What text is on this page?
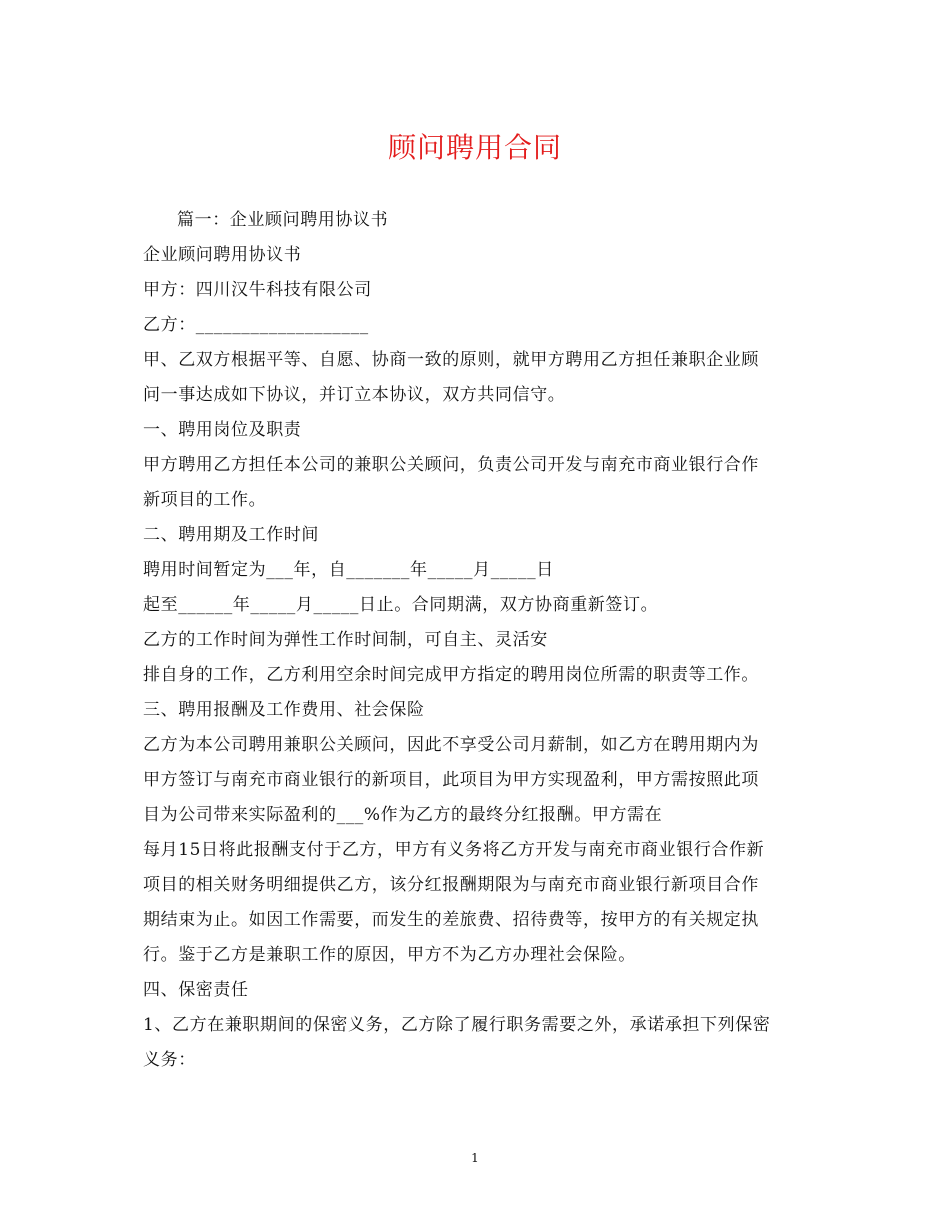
顾问聘用合同
篇一：企业顾问聘用协议书
企业顾问聘用协议书
甲方：四川汉牛科技有限公司
乙方：___________________
甲、乙双方根据平等、自愿、协商一致的原则，就甲方聘用乙方担任兼职企业顾
问一事达成如下协议，并订立本协议，双方共同信守。
一、聘用岗位及职责
甲方聘用乙方担任本公司的兼职公关顾问，负责公司开发与南充市商业银行合作
新项目的工作。
二、聘用期及工作时间
聘用时间暂定为___年，自_______年_____月_____日
起至______年_____月_____日止。合同期满，双方协商重新签订。
乙方的工作时间为弹性工作时间制，可自主、灵活安
排自身的工作，乙方利用空余时间完成甲方指定的聘用岗位所需的职责等工作。
三、聘用报酬及工作费用、社会保险
乙方为本公司聘用兼职公关顾问，因此不享受公司月薪制，如乙方在聘用期内为
甲方签订与南充市商业银行的新项目，此项目为甲方实现盈利，甲方需按照此项
目为公司带来实际盈利的___%作为乙方的最终分红报酬。甲方需在
每月15日将此报酬支付于乙方，甲方有义务将乙方开发与南充市商业银行合作新
项目的相关财务明细提供乙方，该分红报酬期限为与南充市商业银行新项目合作
期结束为止。如因工作需要，而发生的差旅费、招待费等，按甲方的有关规定执
行。鉴于乙方是兼职工作的原因，甲方不为乙方办理社会保险。
四、保密责任
1、乙方在兼职期间的保密义务，乙方除了履行职务需要之外，承诺承担下列保密
义务：
1
